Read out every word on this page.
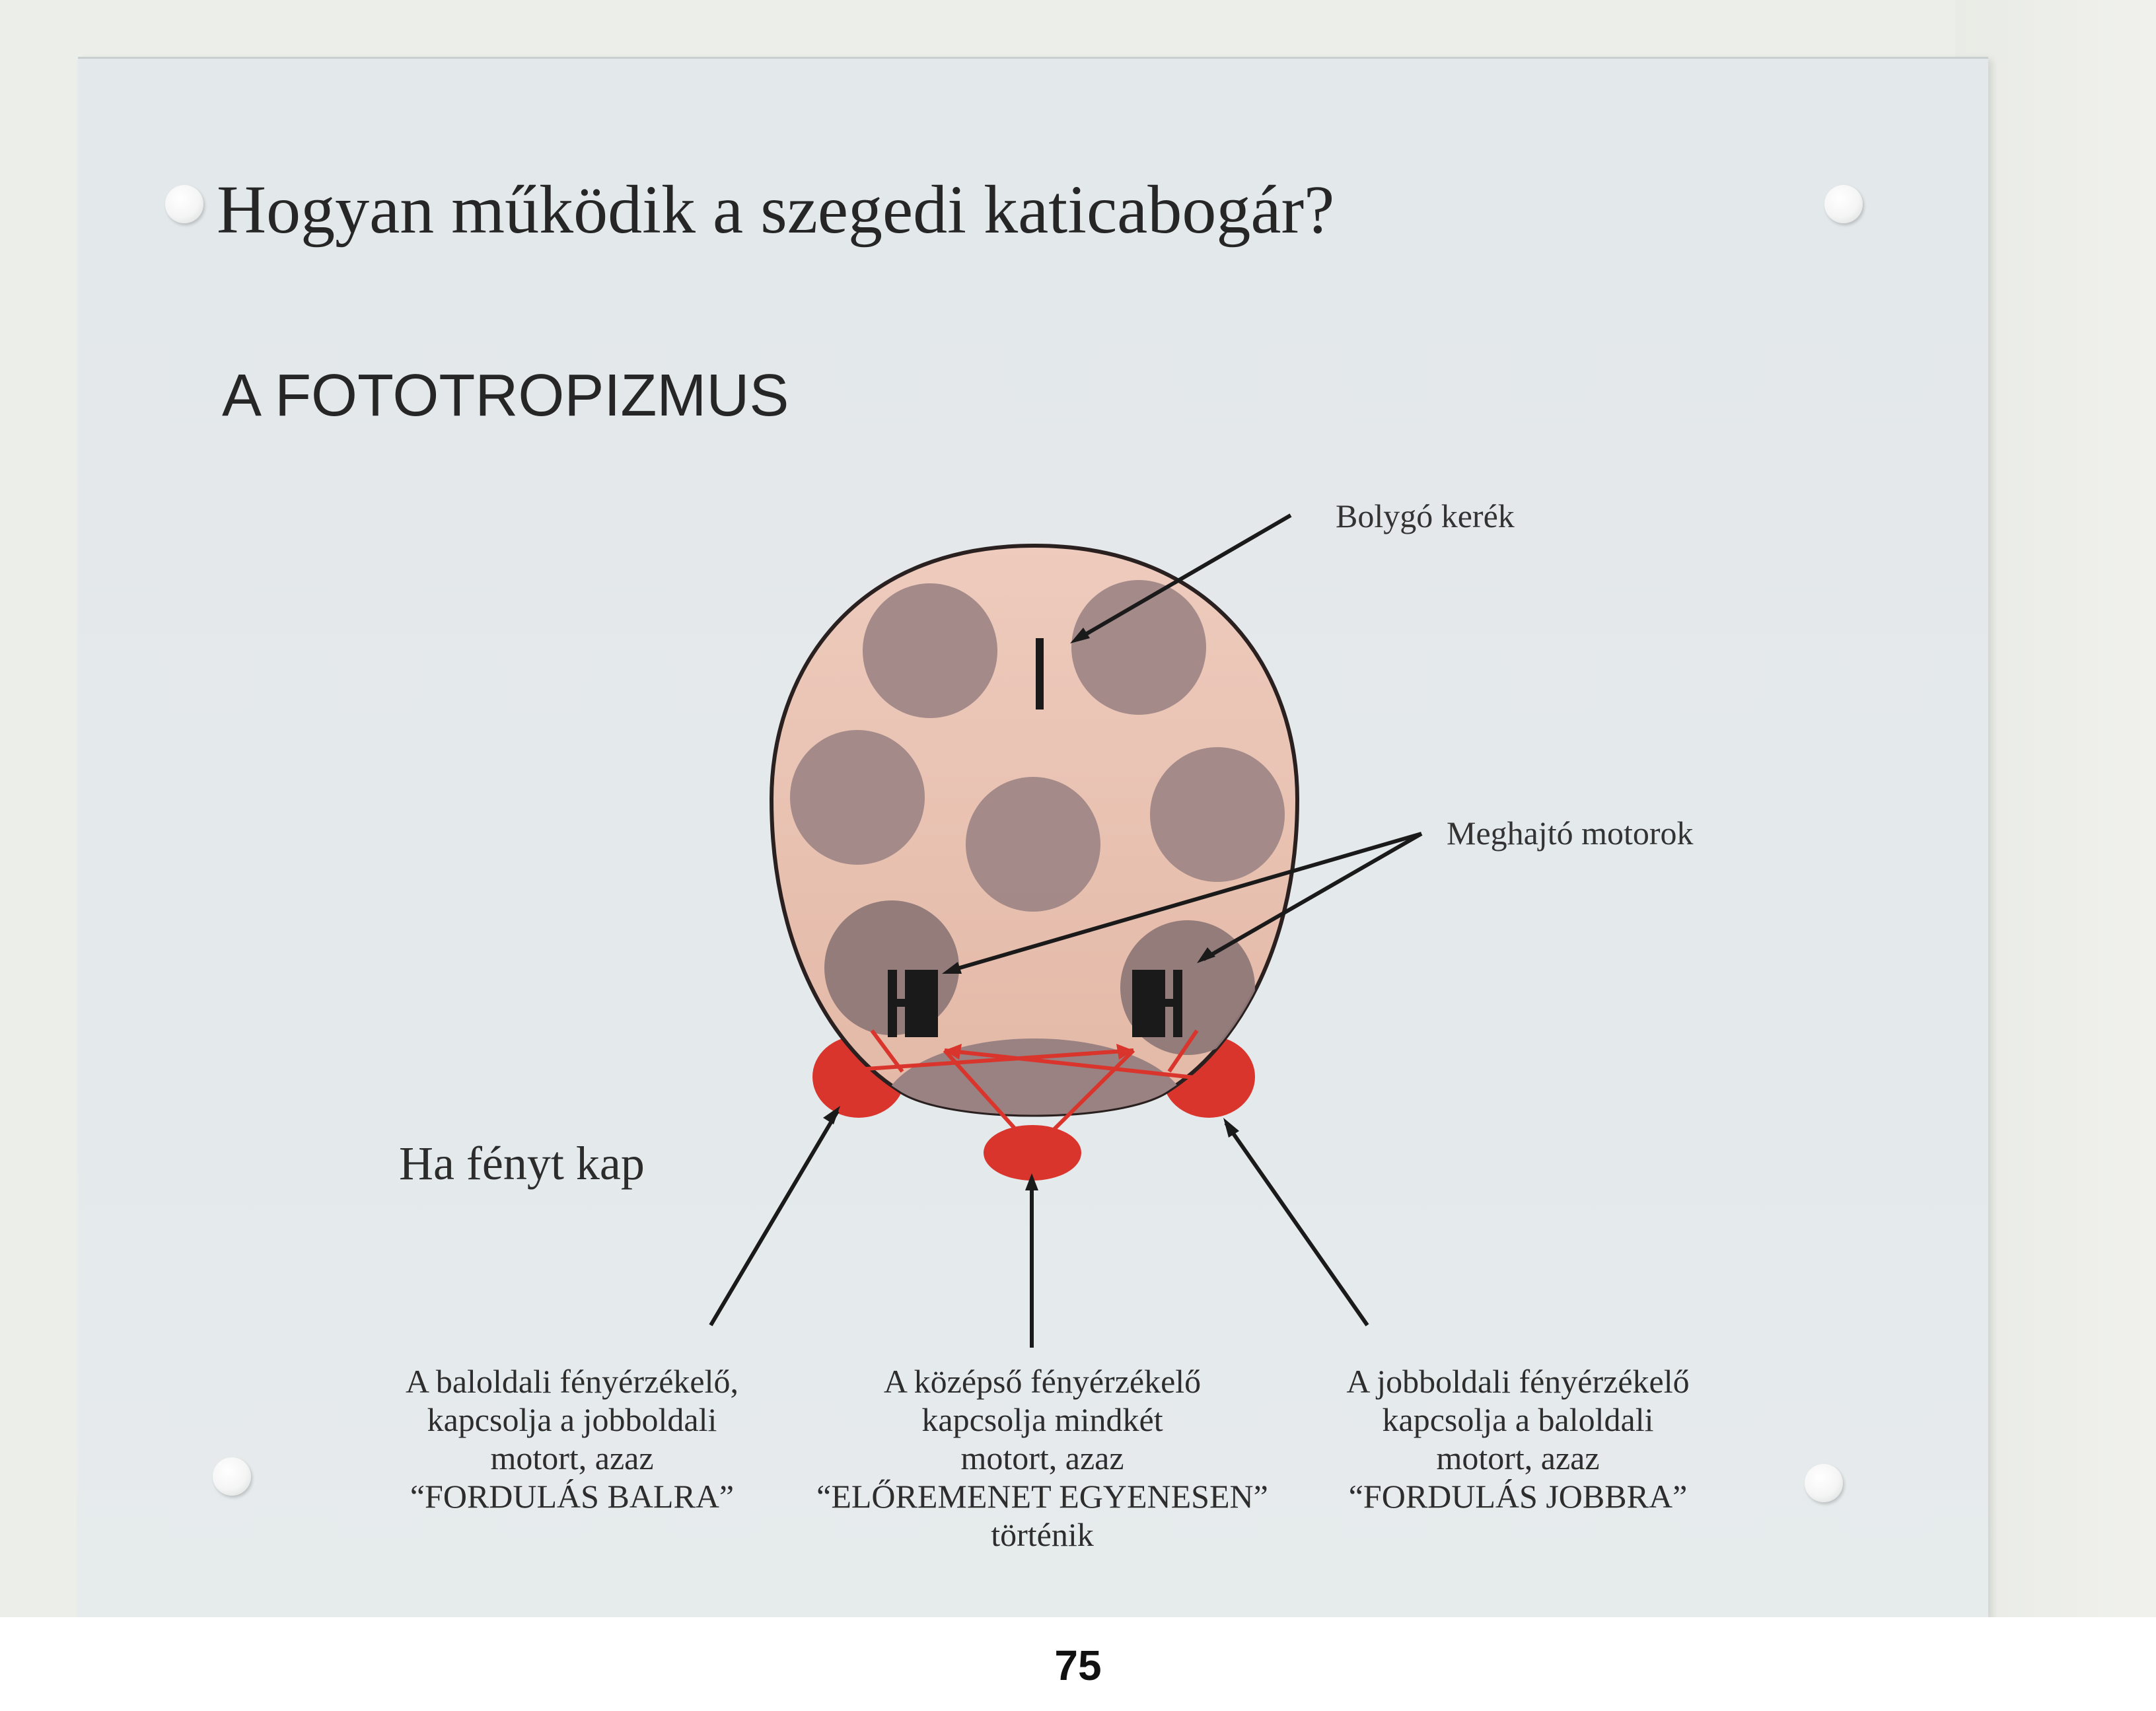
Hogyan működik a szegedi katicabogár?
A FOTOTROPIZMUS
Bolygó kerék
Meghajtó motorok
Ha fényt kap
A baloldali fényérzékelő,
kapcsolja a jobboldali
motort, azaz
“FORDULÁS BALRA”
A középső fényérzékelő
kapcsolja mindkét
motort, azaz
“ELŐREMENET EGYENESEN”
történik
A jobboldali fényérzékelő
kapcsolja a baloldali
motort, azaz
“FORDULÁS JOBBRA”
75
